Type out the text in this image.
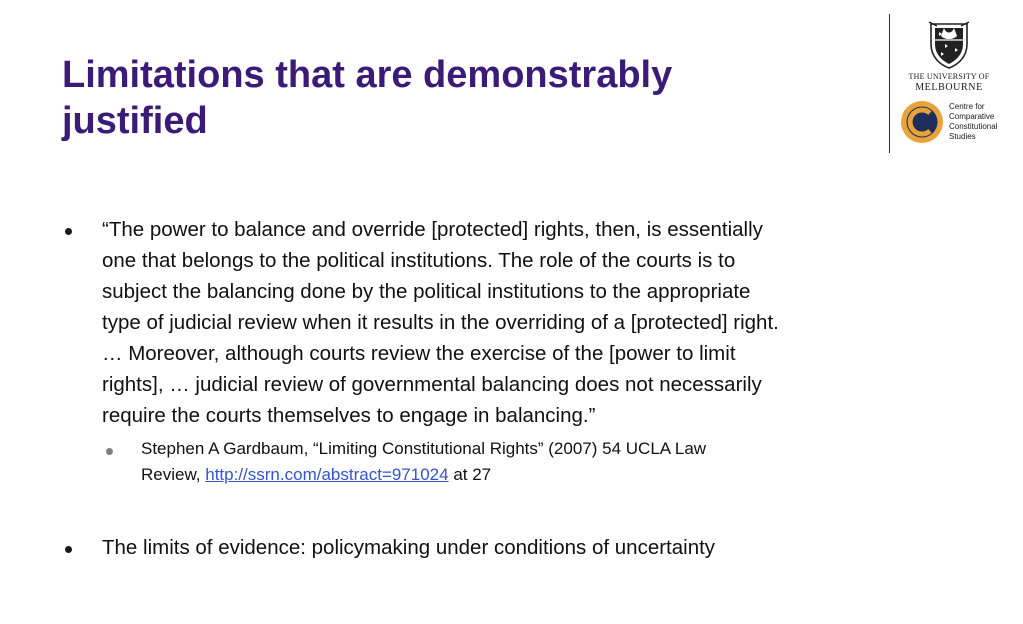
Limitations that are demonstrably
justified
THE UNIVERSITY OF
MELBOURNE
Centre for
Comparative
Constitutional
Studies
“The power to balance and override [protected] rights, then, is essentially
one that belongs to the political institutions. The role of the courts is to
subject the balancing done by the political institutions to the appropriate
type of judicial review when it results in the overriding of a [protected] right.
… Moreover, although courts review the exercise of the [power to limit
rights], … judicial review of governmental balancing does not necessarily
require the courts themselves to engage in balancing.”
Stephen A Gardbaum, “Limiting Constitutional Rights” (2007) 54 UCLA Law
Review, http://ssrn.com/abstract=971024 at 27
The limits of evidence: policymaking under conditions of uncertainty
